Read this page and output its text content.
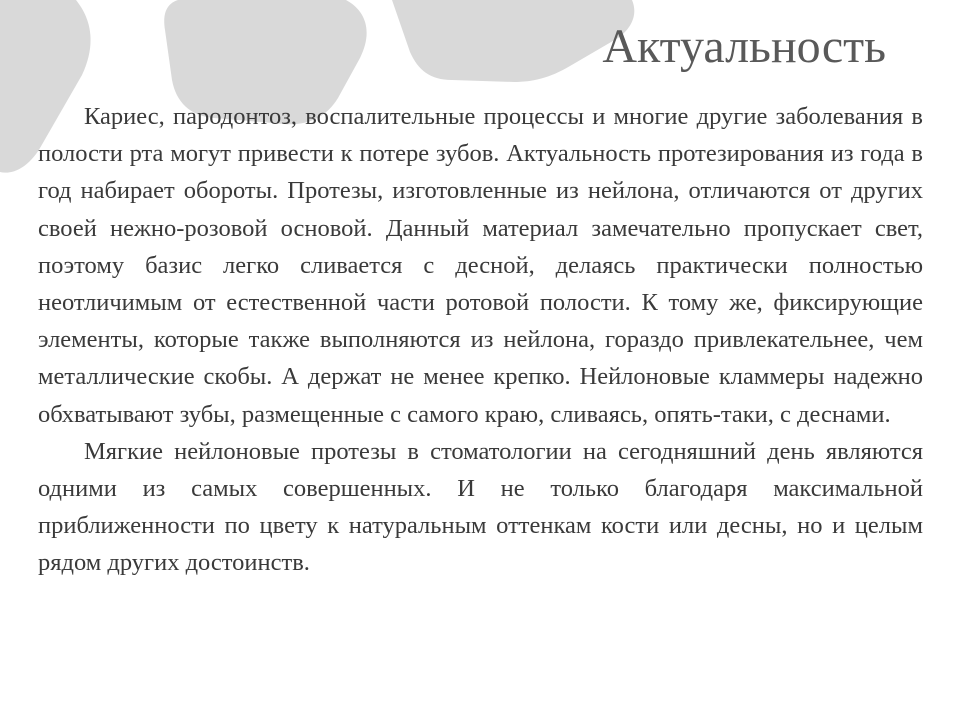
Актуальность

Кариес, пародонтоз, воспалительные процессы и многие другие заболевания в полости рта могут привести к потере зубов. Актуальность протезирования из года в год набирает обороты. Протезы, изготовленные из нейлона, отличаются от других своей нежно-розовой основой. Данный материал замечательно пропускает свет, поэтому базис легко сливается с десной, делаясь практически полностью неотличимым от естественной части ротовой полости. К тому же, фиксирующие элементы, которые также выполняются из нейлона, гораздо привлекательнее, чем металлические скобы. А держат не менее крепко. Нейлоновые кламмеры надежно обхватывают зубы, размещенные с самого краю, сливаясь, опять-таки, с деснами.

Мягкие нейлоновые протезы в стоматологии на сегодняшний день являются одними из самых совершенных. И не только благодаря максимальной приближенности по цвету к натуральным оттенкам кости или десны, но и целым рядом других достоинств.
